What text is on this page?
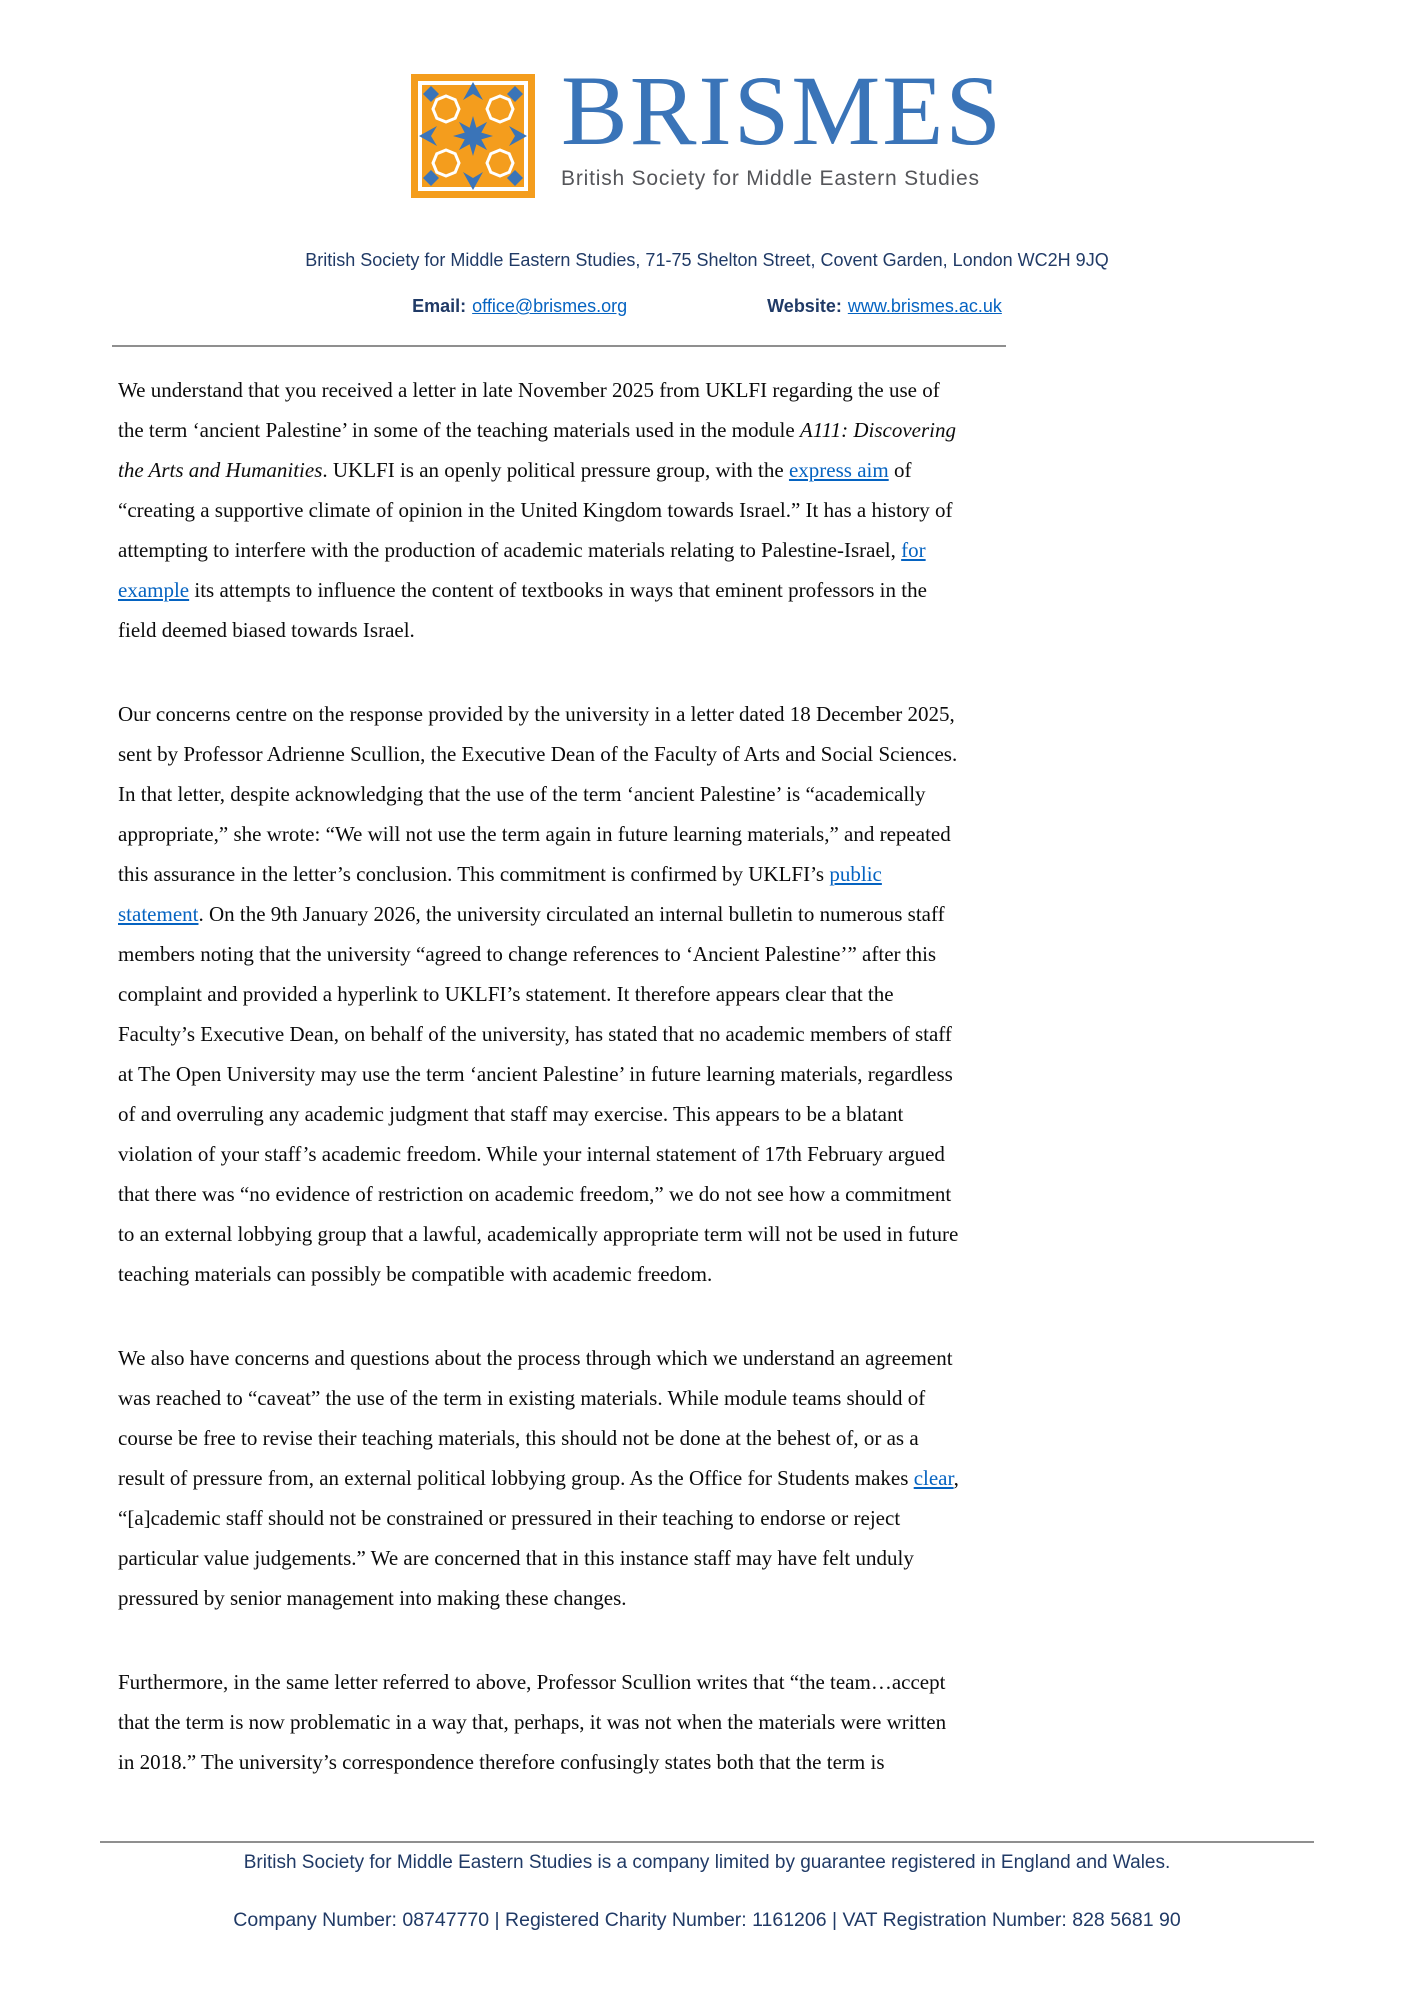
BRISMES
British Society for Middle Eastern Studies
British Society for Middle Eastern Studies, 71-75 Shelton Street, Covent Garden, London WC2H 9JQ
Email: office@brismes.org	Website: www.brismes.ac.uk

We understand that you received a letter in late November 2025 from UKLFI regarding the use of
the term ‘ancient Palestine’ in some of the teaching materials used in the module A111: Discovering
the Arts and Humanities. UKLFI is an openly political pressure group, with the express aim of
“creating a supportive climate of opinion in the United Kingdom towards Israel.” It has a history of
attempting to interfere with the production of academic materials relating to Palestine-Israel, for
example its attempts to influence the content of textbooks in ways that eminent professors in the
field deemed biased towards Israel.

Our concerns centre on the response provided by the university in a letter dated 18 December 2025,
sent by Professor Adrienne Scullion, the Executive Dean of the Faculty of Arts and Social Sciences.
In that letter, despite acknowledging that the use of the term ‘ancient Palestine’ is “academically
appropriate,” she wrote: “We will not use the term again in future learning materials,” and repeated
this assurance in the letter’s conclusion. This commitment is confirmed by UKLFI’s public
statement. On the 9th January 2026, the university circulated an internal bulletin to numerous staff
members noting that the university “agreed to change references to ‘Ancient Palestine’” after this
complaint and provided a hyperlink to UKLFI’s statement. It therefore appears clear that the
Faculty’s Executive Dean, on behalf of the university, has stated that no academic members of staff
at The Open University may use the term ‘ancient Palestine’ in future learning materials, regardless
of and overruling any academic judgment that staff may exercise. This appears to be a blatant
violation of your staff’s academic freedom. While your internal statement of 17th February argued
that there was “no evidence of restriction on academic freedom,” we do not see how a commitment
to an external lobbying group that a lawful, academically appropriate term will not be used in future
teaching materials can possibly be compatible with academic freedom.

We also have concerns and questions about the process through which we understand an agreement
was reached to “caveat” the use of the term in existing materials. While module teams should of
course be free to revise their teaching materials, this should not be done at the behest of, or as a
result of pressure from, an external political lobbying group. As the Office for Students makes clear,
“[a]cademic staff should not be constrained or pressured in their teaching to endorse or reject
particular value judgements.” We are concerned that in this instance staff may have felt unduly
pressured by senior management into making these changes.

Furthermore, in the same letter referred to above, Professor Scullion writes that “the team…accept
that the term is now problematic in a way that, perhaps, it was not when the materials were written
in 2018.” The university’s correspondence therefore confusingly states both that the term is

British Society for Middle Eastern Studies is a company limited by guarantee registered in England and Wales.
Company Number: 08747770 | Registered Charity Number: 1161206 | VAT Registration Number: 828 5681 90
